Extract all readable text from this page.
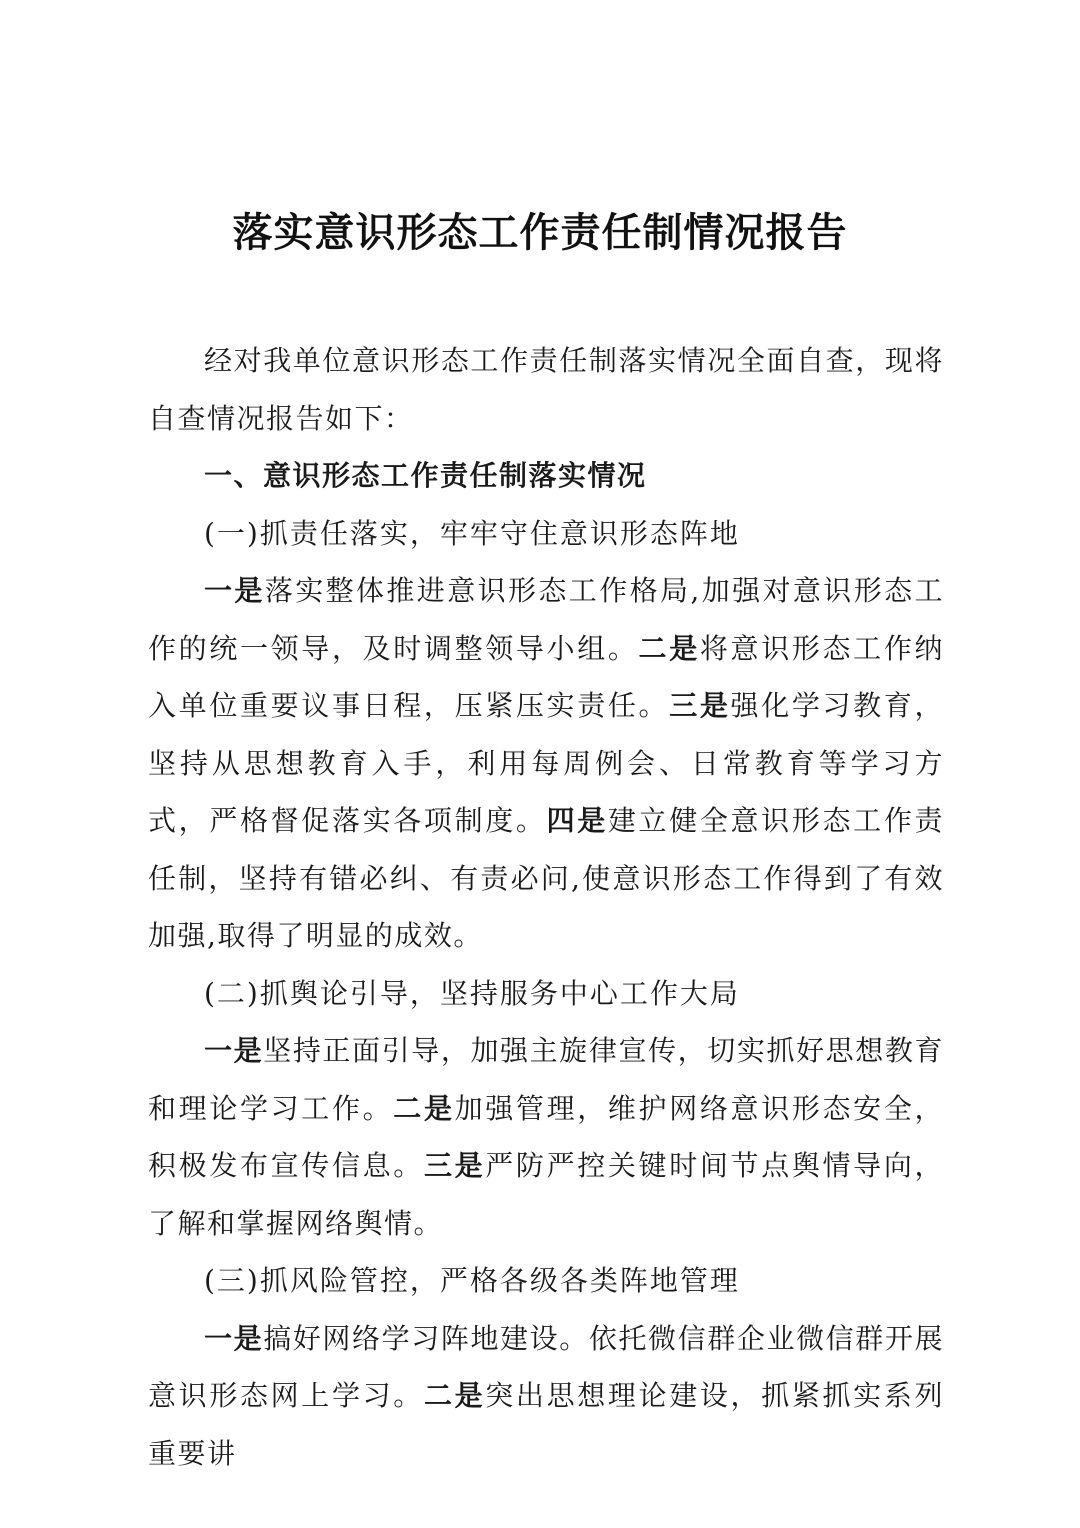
落实意识形态工作责任制情况报告

经对我单位意识形态工作责任制落实情况全面自查，现将自查情况报告如下：

一、意识形态工作责任制落实情况

(一)抓责任落实，牢牢守住意识形态阵地

一是落实整体推进意识形态工作格局,加强对意识形态工作的统一领导，及时调整领导小组。二是将意识形态工作纳入单位重要议事日程，压紧压实责任。三是强化学习教育，坚持从思想教育入手，利用每周例会、日常教育等学习方式，严格督促落实各项制度。四是建立健全意识形态工作责任制，坚持有错必纠、有责必问,使意识形态工作得到了有效加强,取得了明显的成效。

(二)抓舆论引导，坚持服务中心工作大局

一是坚持正面引导，加强主旋律宣传，切实抓好思想教育和理论学习工作。二是加强管理，维护网络意识形态安全，积极发布宣传信息。三是严防严控关键时间节点舆情导向，了解和掌握网络舆情。

(三)抓风险管控，严格各级各类阵地管理

一是搞好网络学习阵地建设。依托微信群企业微信群开展意识形态网上学习。二是突出思想理论建设，抓紧抓实系列重要讲
